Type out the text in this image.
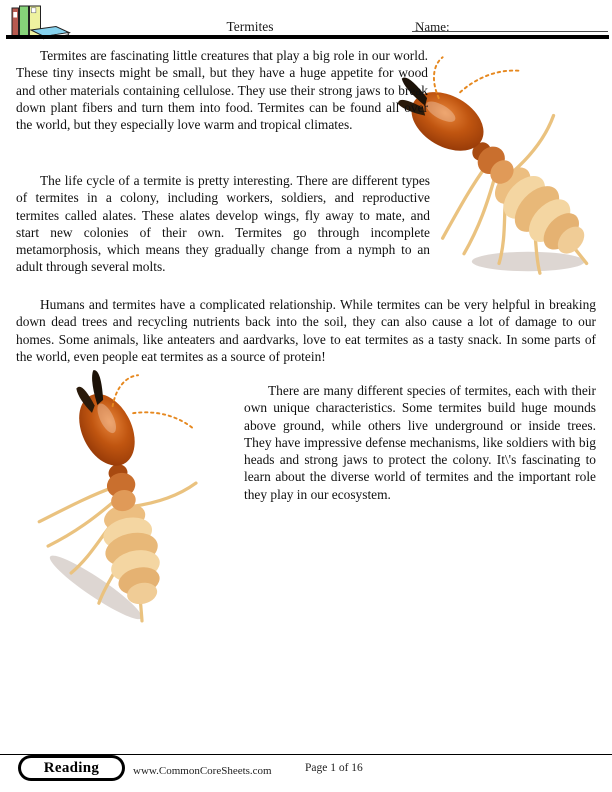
Termites	Name:

Termites are fascinating little creatures that play a big role in our world. These tiny insects might be small, but they have a huge appetite for wood and other materials containing cellulose. They use their strong jaws to break down plant fibers and turn them into food. Termites can be found all over the world, but they especially love warm and tropical climates.

The life cycle of a termite is pretty interesting. There are different types of termites in a colony, including workers, soldiers, and reproductive termites called alates. These alates develop wings, fly away to mate, and start new colonies of their own. Termites go through incomplete metamorphosis, which means they gradually change from a nymph to an adult through several molts.

Humans and termites have a complicated relationship. While termites can be very helpful in breaking down dead trees and recycling nutrients back into the soil, they can also cause a lot of damage to our homes. Some animals, like anteaters and aardvarks, love to eat termites as a tasty snack. In some parts of the world, even people eat termites as a source of protein!

There are many different species of termites, each with their own unique characteristics. Some termites build huge mounds above ground, while others live underground or inside trees. They have impressive defense mechanisms, like soldiers with big heads and strong jaws to protect the colony. It\'s fascinating to learn about the diverse world of termites and the important role they play in our ecosystem.

Reading	www.CommonCoreSheets.com	Page 1 of 16
